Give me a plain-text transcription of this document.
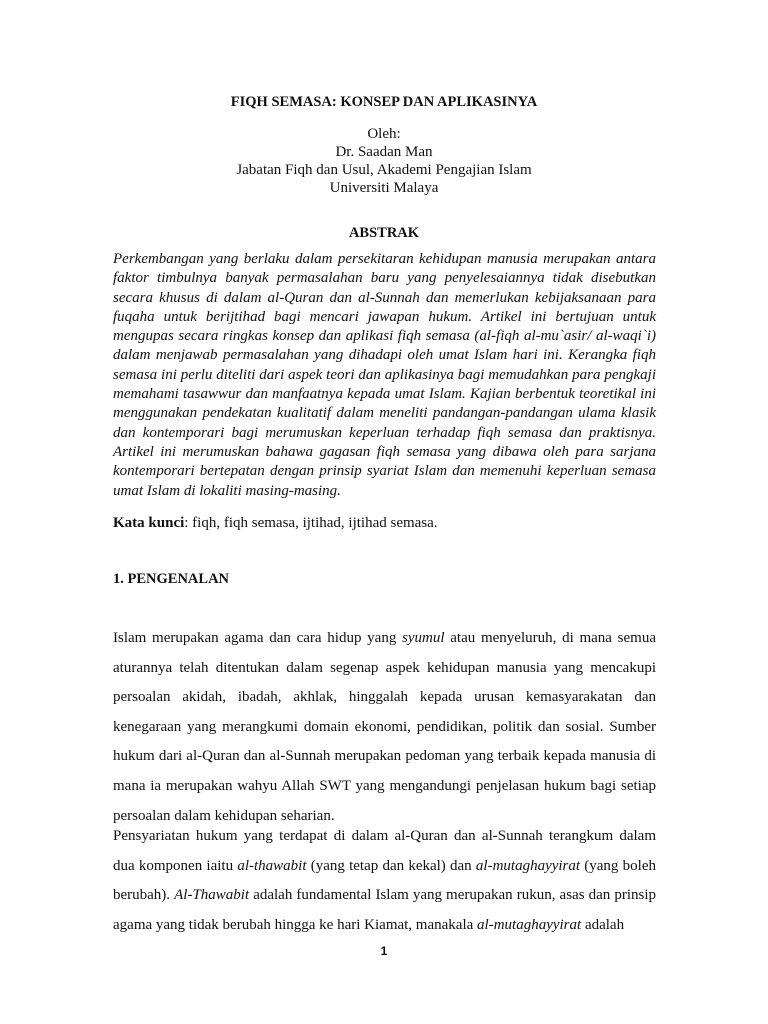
FIQH SEMASA: KONSEP DAN APLIKASINYA
Oleh:
Dr. Saadan Man
Jabatan Fiqh dan Usul, Akademi Pengajian Islam
Universiti Malaya
ABSTRAK

Perkembangan yang berlaku dalam persekitaran kehidupan manusia merupakan antara faktor timbulnya banyak permasalahan baru yang penyelesaiannya tidak disebutkan secara khusus di dalam al-Quran dan al-Sunnah dan memerlukan kebijaksanaan para fuqaha untuk berijtihad bagi mencari jawapan hukum. Artikel ini bertujuan untuk mengupas secara ringkas konsep dan aplikasi fiqh semasa (al-fiqh al-mu`asir/ al-waqi`i) dalam menjawab permasalahan yang dihadapi oleh umat Islam hari ini. Kerangka fiqh semasa ini perlu diteliti dari aspek teori dan aplikasinya bagi memudahkan para pengkaji memahami tasawwur dan manfaatnya kepada umat Islam. Kajian berbentuk teoretikal ini menggunakan pendekatan kualitatif dalam meneliti pandangan-pandangan ulama klasik dan kontemporari bagi merumuskan keperluan terhadap fiqh semasa dan praktisnya. Artikel ini merumuskan bahawa gagasan fiqh semasa yang dibawa oleh para sarjana kontemporari bertepatan dengan prinsip syariat Islam dan memenuhi keperluan semasa umat Islam di lokaliti masing-masing.

Kata kunci: fiqh, fiqh semasa, ijtihad, ijtihad semasa.

1. PENGENALAN

Islam merupakan agama dan cara hidup yang syumul atau menyeluruh, di mana semua aturannya telah ditentukan dalam segenap aspek kehidupan manusia yang mencakupi persoalan akidah, ibadah, akhlak, hinggalah kepada urusan kemasyarakatan dan kenegaraan yang merangkumi domain ekonomi, pendidikan, politik dan sosial. Sumber hukum dari al-Quran dan al-Sunnah merupakan pedoman yang terbaik kepada manusia di mana ia merupakan wahyu Allah SWT yang mengandungi penjelasan hukum bagi setiap persoalan dalam kehidupan seharian.

Pensyariatan hukum yang terdapat di dalam al-Quran dan al-Sunnah terangkum dalam dua komponen iaitu al-thawabit (yang tetap dan kekal) dan al-mutaghayyirat (yang boleh berubah). Al-Thawabit adalah fundamental Islam yang merupakan rukun, asas dan prinsip agama yang tidak berubah hingga ke hari Kiamat, manakala al-mutaghayyirat adalah

1
